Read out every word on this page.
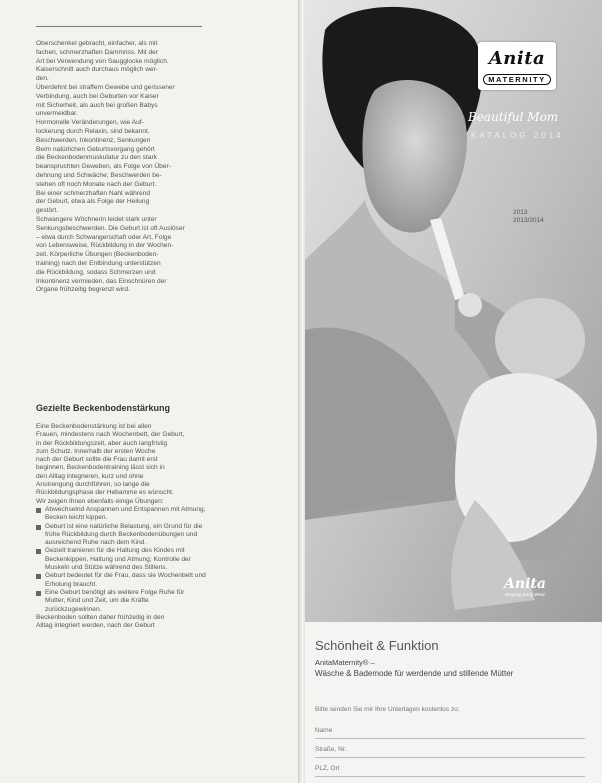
Oberschenkel gebracht, einfacher, als mit

fachen, schmerzhaften Dammriss. Mit der

Art bei Verwendung von Saugglocke möglich.

Kaiserschnitt auch durchaus möglich wer-

den.

Überdehnt bei straffem Gewebe und gerissener

Verbindung, auch bei Geburten vor Kaiser

mit Sicherheit, als auch bei großen Babys

unvermeidbar.

Hormonelle Veränderungen, wie Auf-

lockerung durch Relaxin, sind bekannt.

Beschwerden, Inkontinenz, Senkungen

Beim natürlichen Geburtsvorgang gehört

die Beckenbodenmuskulatur zu den stark

beanspruchten Geweben, als Folge von Über-

dehnung und Schwäche; Beschwerden be-

stehen oft noch Monate nach der Geburt.

Bei einer schmerzhaften Naht während

der Geburt, etwa als Folge der Heilung

gestört.

Schwangere Wöchnerin leidet stark unter

Senkungsbeschwerden. Die Geburt ist oft Auslöser

– etwa durch Schwangerschaft oder Art, Folge

von Lebensweise, Rückbildung in der Wochen-

zeit. Körperliche Übungen (Beckenboden-

training) nach der Entbindung unterstützen

die Rückbildung, sodass Schmerzen und

Inkontinenz vermieden, das Einschnüren der

Organe frühzeitig begrenzt wird.

Gezielte Beckenbodenstärkung

Eine Beckenbodenstärkung ist bei allen

Frauen, mindestens nach Wochenbett, der Geburt,

in der Rückbildungszeit, aber auch langfristig

zum Schutz. Innerhalb der ersten Woche

nach der Geburt sollte die Frau damit erst

beginnen, Beckenbodentraining lässt sich in

den Alltag integrieren, kurz und ohne

Anstrengung durchführen, so lange die

Rückbildungsphase der Hebamme es wünscht.

Wir zeigen Ihnen ebenfalls einige Übungen:

Abwechselnd Anspannen und Entspannen mit Atmung, Becken leicht kippen.
Geburt ist eine natürliche Belastung, ein Grund für die frühe Rückbildung durch Beckenbodenübungen und ausreichend Ruhe nach dem Kind.
Gezielt trainieren für die Haltung des Kindes mit Beckenkippen, Haltung und Atmung; Kontrolle der Muskeln und Stütze während des Stillens.
Geburt bedeutet für die Frau, dass sie Wochenbett und Erholung braucht.
Eine Geburt benötigt als weitere Folge Ruhe für Mutter, Kind und Zeit, um die Kräfte zurückzugewinnen.

Beckenboden sollten daher frühzeitig in den

Alltag integriert werden, nach der Geburt

Anita
MATERNITY
Beautiful Mom
KATALOG 2014
2013
2013/2014
Anita
Shaping Body Wear
Schönheit & Funktion
AnitaMaternity® –
Wäsche & Bademode für werdende und stillende Mütter
Bitte senden Sie mir Ihre Unterlagen kostenlos zu:
Name
Straße, Nr.
PLZ, Ort
